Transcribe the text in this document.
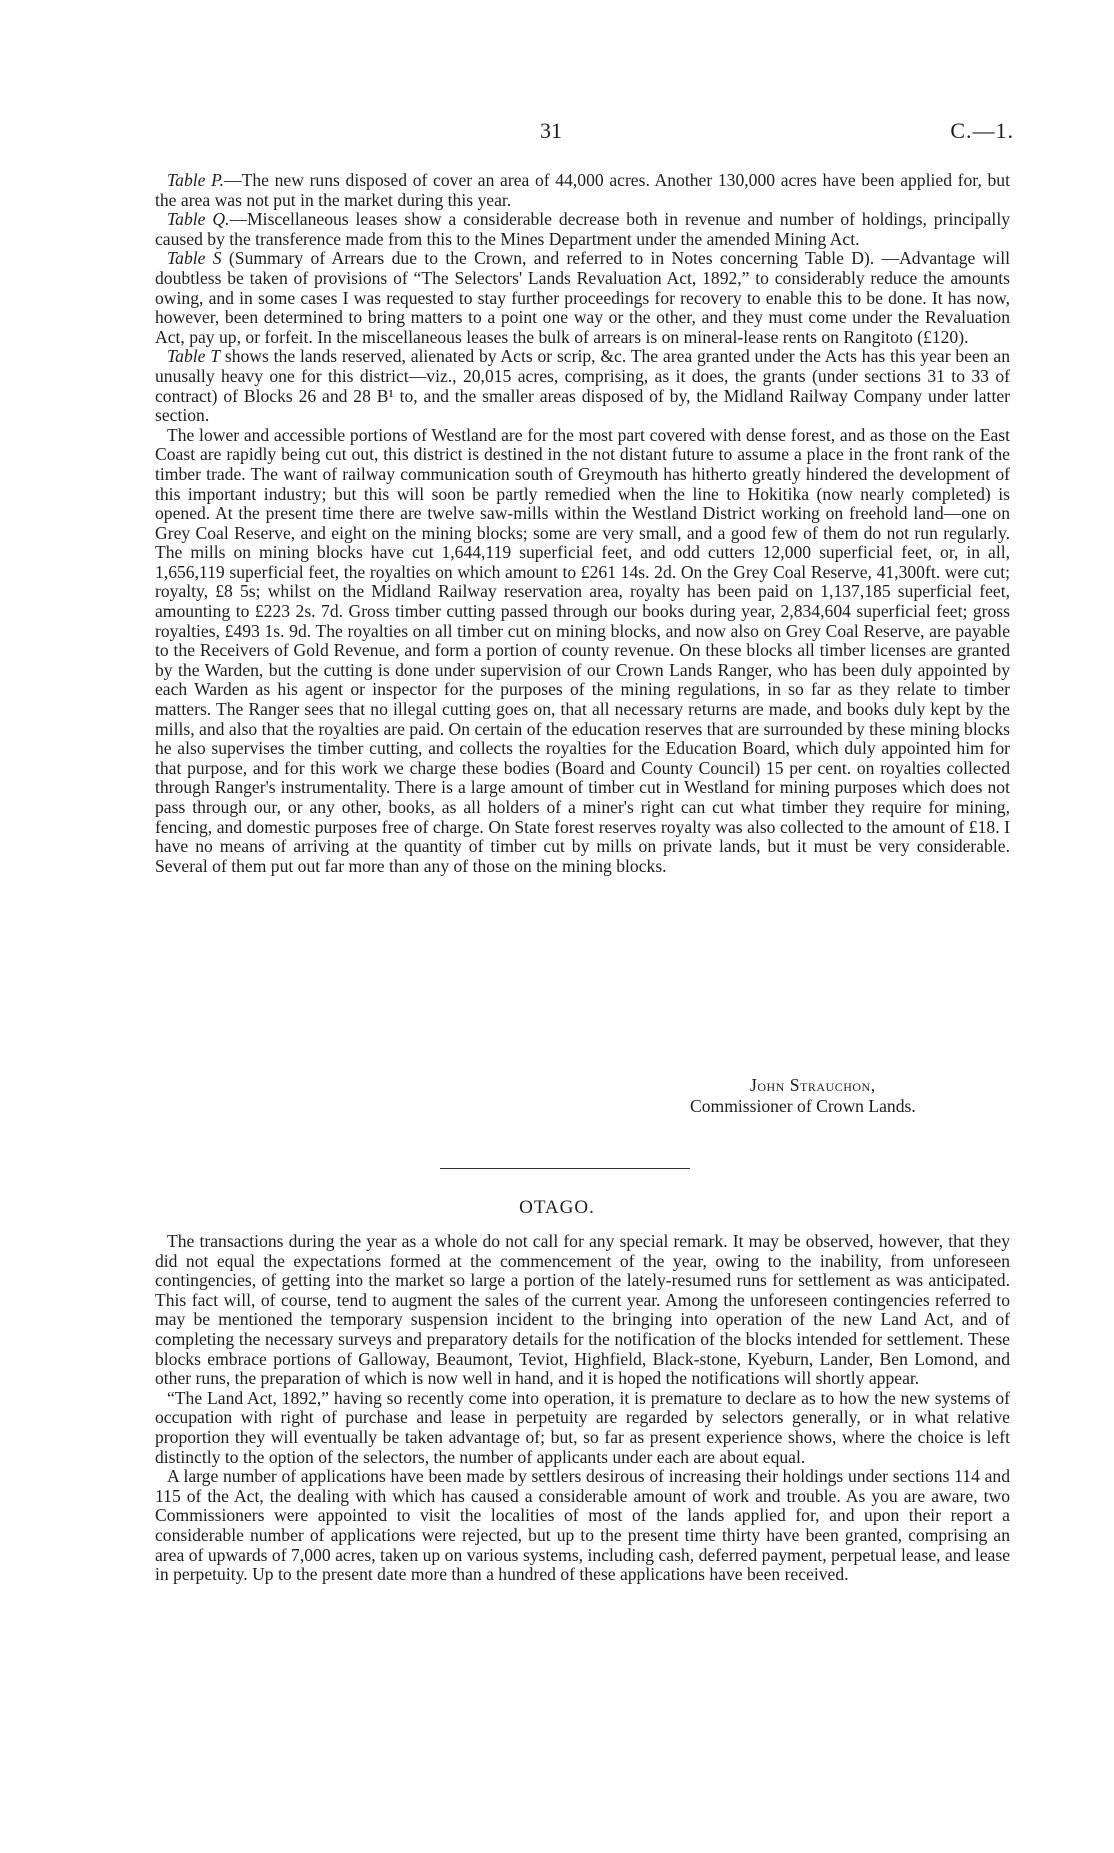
31	C.—1.

Table P.—The new runs disposed of cover an area of 44,000 acres. Another 130,000 acres have been applied for, but the area was not put in the market during this year.

Table Q.—Miscellaneous leases show a considerable decrease both in revenue and number of holdings, principally caused by the transference made from this to the Mines Department under the amended Mining Act.

Table S (Summary of Arrears due to the Crown, and referred to in Notes concerning Table D). —Advantage will doubtless be taken of provisions of “The Selectors' Lands Revaluation Act, 1892,” to considerably reduce the amounts owing, and in some cases I was requested to stay further proceedings for recovery to enable this to be done. It has now, however, been determined to bring matters to a point one way or the other, and they must come under the Revaluation Act, pay up, or forfeit. In the miscellaneous leases the bulk of arrears is on mineral-lease rents on Rangitoto (£120).

Table T shows the lands reserved, alienated by Acts or scrip, &c. The area granted under the Acts has this year been an unusally heavy one for this district—viz., 20,015 acres, comprising, as it does, the grants (under sections 31 to 33 of contract) of Blocks 26 and 28 B¹ to, and the smaller areas disposed of by, the Midland Railway Company under latter section.

The lower and accessible portions of Westland are for the most part covered with dense forest, and as those on the East Coast are rapidly being cut out, this district is destined in the not distant future to assume a place in the front rank of the timber trade. The want of railway communication south of Greymouth has hitherto greatly hindered the development of this important industry; but this will soon be partly remedied when the line to Hokitika (now nearly completed) is opened. At the present time there are twelve saw-mills within the Westland District working on freehold land—one on Grey Coal Reserve, and eight on the mining blocks; some are very small, and a good few of them do not run regularly. The mills on mining blocks have cut 1,644,119 superficial feet, and odd cutters 12,000 superficial feet, or, in all, 1,656,119 superficial feet, the royalties on which amount to £261 14s. 2d. On the Grey Coal Reserve, 41,300ft. were cut; royalty, £8 5s; whilst on the Midland Railway reservation area, royalty has been paid on 1,137,185 superficial feet, amounting to £223 2s. 7d. Gross timber cutting passed through our books during year, 2,834,604 superficial feet; gross royalties, £493 1s. 9d. The royalties on all timber cut on mining blocks, and now also on Grey Coal Reserve, are payable to the Receivers of Gold Revenue, and form a portion of county revenue. On these blocks all timber licenses are granted by the Warden, but the cutting is done under supervision of our Crown Lands Ranger, who has been duly appointed by each Warden as his agent or inspector for the purposes of the mining regulations, in so far as they relate to timber matters. The Ranger sees that no illegal cutting goes on, that all necessary returns are made, and books duly kept by the mills, and also that the royalties are paid. On certain of the education reserves that are surrounded by these mining blocks he also supervises the timber cutting, and collects the royalties for the Education Board, which duly appointed him for that purpose, and for this work we charge these bodies (Board and County Council) 15 per cent. on royalties collected through Ranger's instrumentality. There is a large amount of timber cut in Westland for mining purposes which does not pass through our, or any other, books, as all holders of a miner's right can cut what timber they require for mining, fencing, and domestic purposes free of charge. On State forest reserves royalty was also collected to the amount of £18. I have no means of arriving at the quantity of timber cut by mills on private lands, but it must be very considerable. Several of them put out far more than any of those on the mining blocks.

John Strauchon,
Commissioner of Crown Lands.
OTAGO.

The transactions during the year as a whole do not call for any special remark. It may be observed, however, that they did not equal the expectations formed at the commencement of the year, owing to the inability, from unforeseen contingencies, of getting into the market so large a portion of the lately-resumed runs for settlement as was anticipated. This fact will, of course, tend to augment the sales of the current year. Among the unforeseen contingencies referred to may be mentioned the temporary suspension incident to the bringing into operation of the new Land Act, and of completing the necessary surveys and preparatory details for the notification of the blocks intended for settlement. These blocks embrace portions of Galloway, Beaumont, Teviot, Highfield, Black-stone, Kyeburn, Lander, Ben Lomond, and other runs, the preparation of which is now well in hand, and it is hoped the notifications will shortly appear.

“The Land Act, 1892,” having so recently come into operation, it is premature to declare as to how the new systems of occupation with right of purchase and lease in perpetuity are regarded by selectors generally, or in what relative proportion they will eventually be taken advantage of; but, so far as present experience shows, where the choice is left distinctly to the option of the selectors, the number of applicants under each are about equal.

A large number of applications have been made by settlers desirous of increasing their holdings under sections 114 and 115 of the Act, the dealing with which has caused a considerable amount of work and trouble. As you are aware, two Commissioners were appointed to visit the localities of most of the lands applied for, and upon their report a considerable number of applications were rejected, but up to the present time thirty have been granted, comprising an area of upwards of 7,000 acres, taken up on various systems, including cash, deferred payment, perpetual lease, and lease in perpetuity. Up to the present date more than a hundred of these applications have been received.
